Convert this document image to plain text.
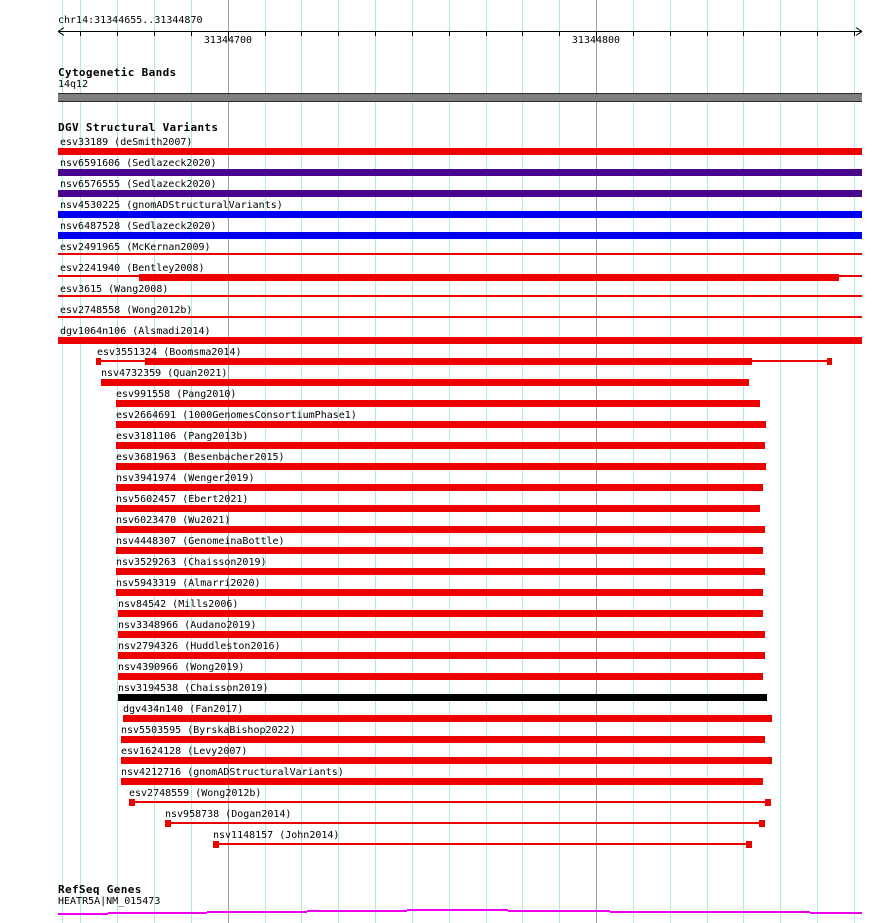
chr14:31344655..31344870
31344700	31344800
Cytogenetic Bands
14q12
DGV Structural Variants
esv33189 (deSmith2007)
nsv6591606 (Sedlazeck2020)
nsv6576555 (Sedlazeck2020)
nsv4530225 (gnomADStructuralVariants)
nsv6487528 (Sedlazeck2020)
esv2491965 (McKernan2009)
esv2241940 (Bentley2008)
esv3615 (Wang2008)
esv2748558 (Wong2012b)
dgv1064n106 (Alsmadi2014)
esv3551324 (Boomsma2014)
nsv4732359 (Quan2021)
esv991558 (Pang2010)
esv2664691 (1000GenomesConsortiumPhase1)
esv3181106 (Pang2013b)
esv3681963 (Besenbacher2015)
nsv3941974 (Wenger2019)
nsv5602457 (Ebert2021)
nsv6023470 (Wu2021)
nsv4448307 (GenomeinaBottle)
nsv3529263 (Chaisson2019)
nsv5943319 (Almarri2020)
nsv84542 (Mills2006)
nsv3348966 (Audano2019)
nsv2794326 (Huddleston2016)
nsv4390966 (Wong2019)
nsv3194538 (Chaisson2019)
dgv434n140 (Fan2017)
nsv5503595 (ByrskaBishop2022)
esv1624128 (Levy2007)
nsv4212716 (gnomADStructuralVariants)
esv2748559 (Wong2012b)
nsv958738 (Dogan2014)
nsv1148157 (John2014)
RefSeq Genes
HEATR5A|NM_015473
